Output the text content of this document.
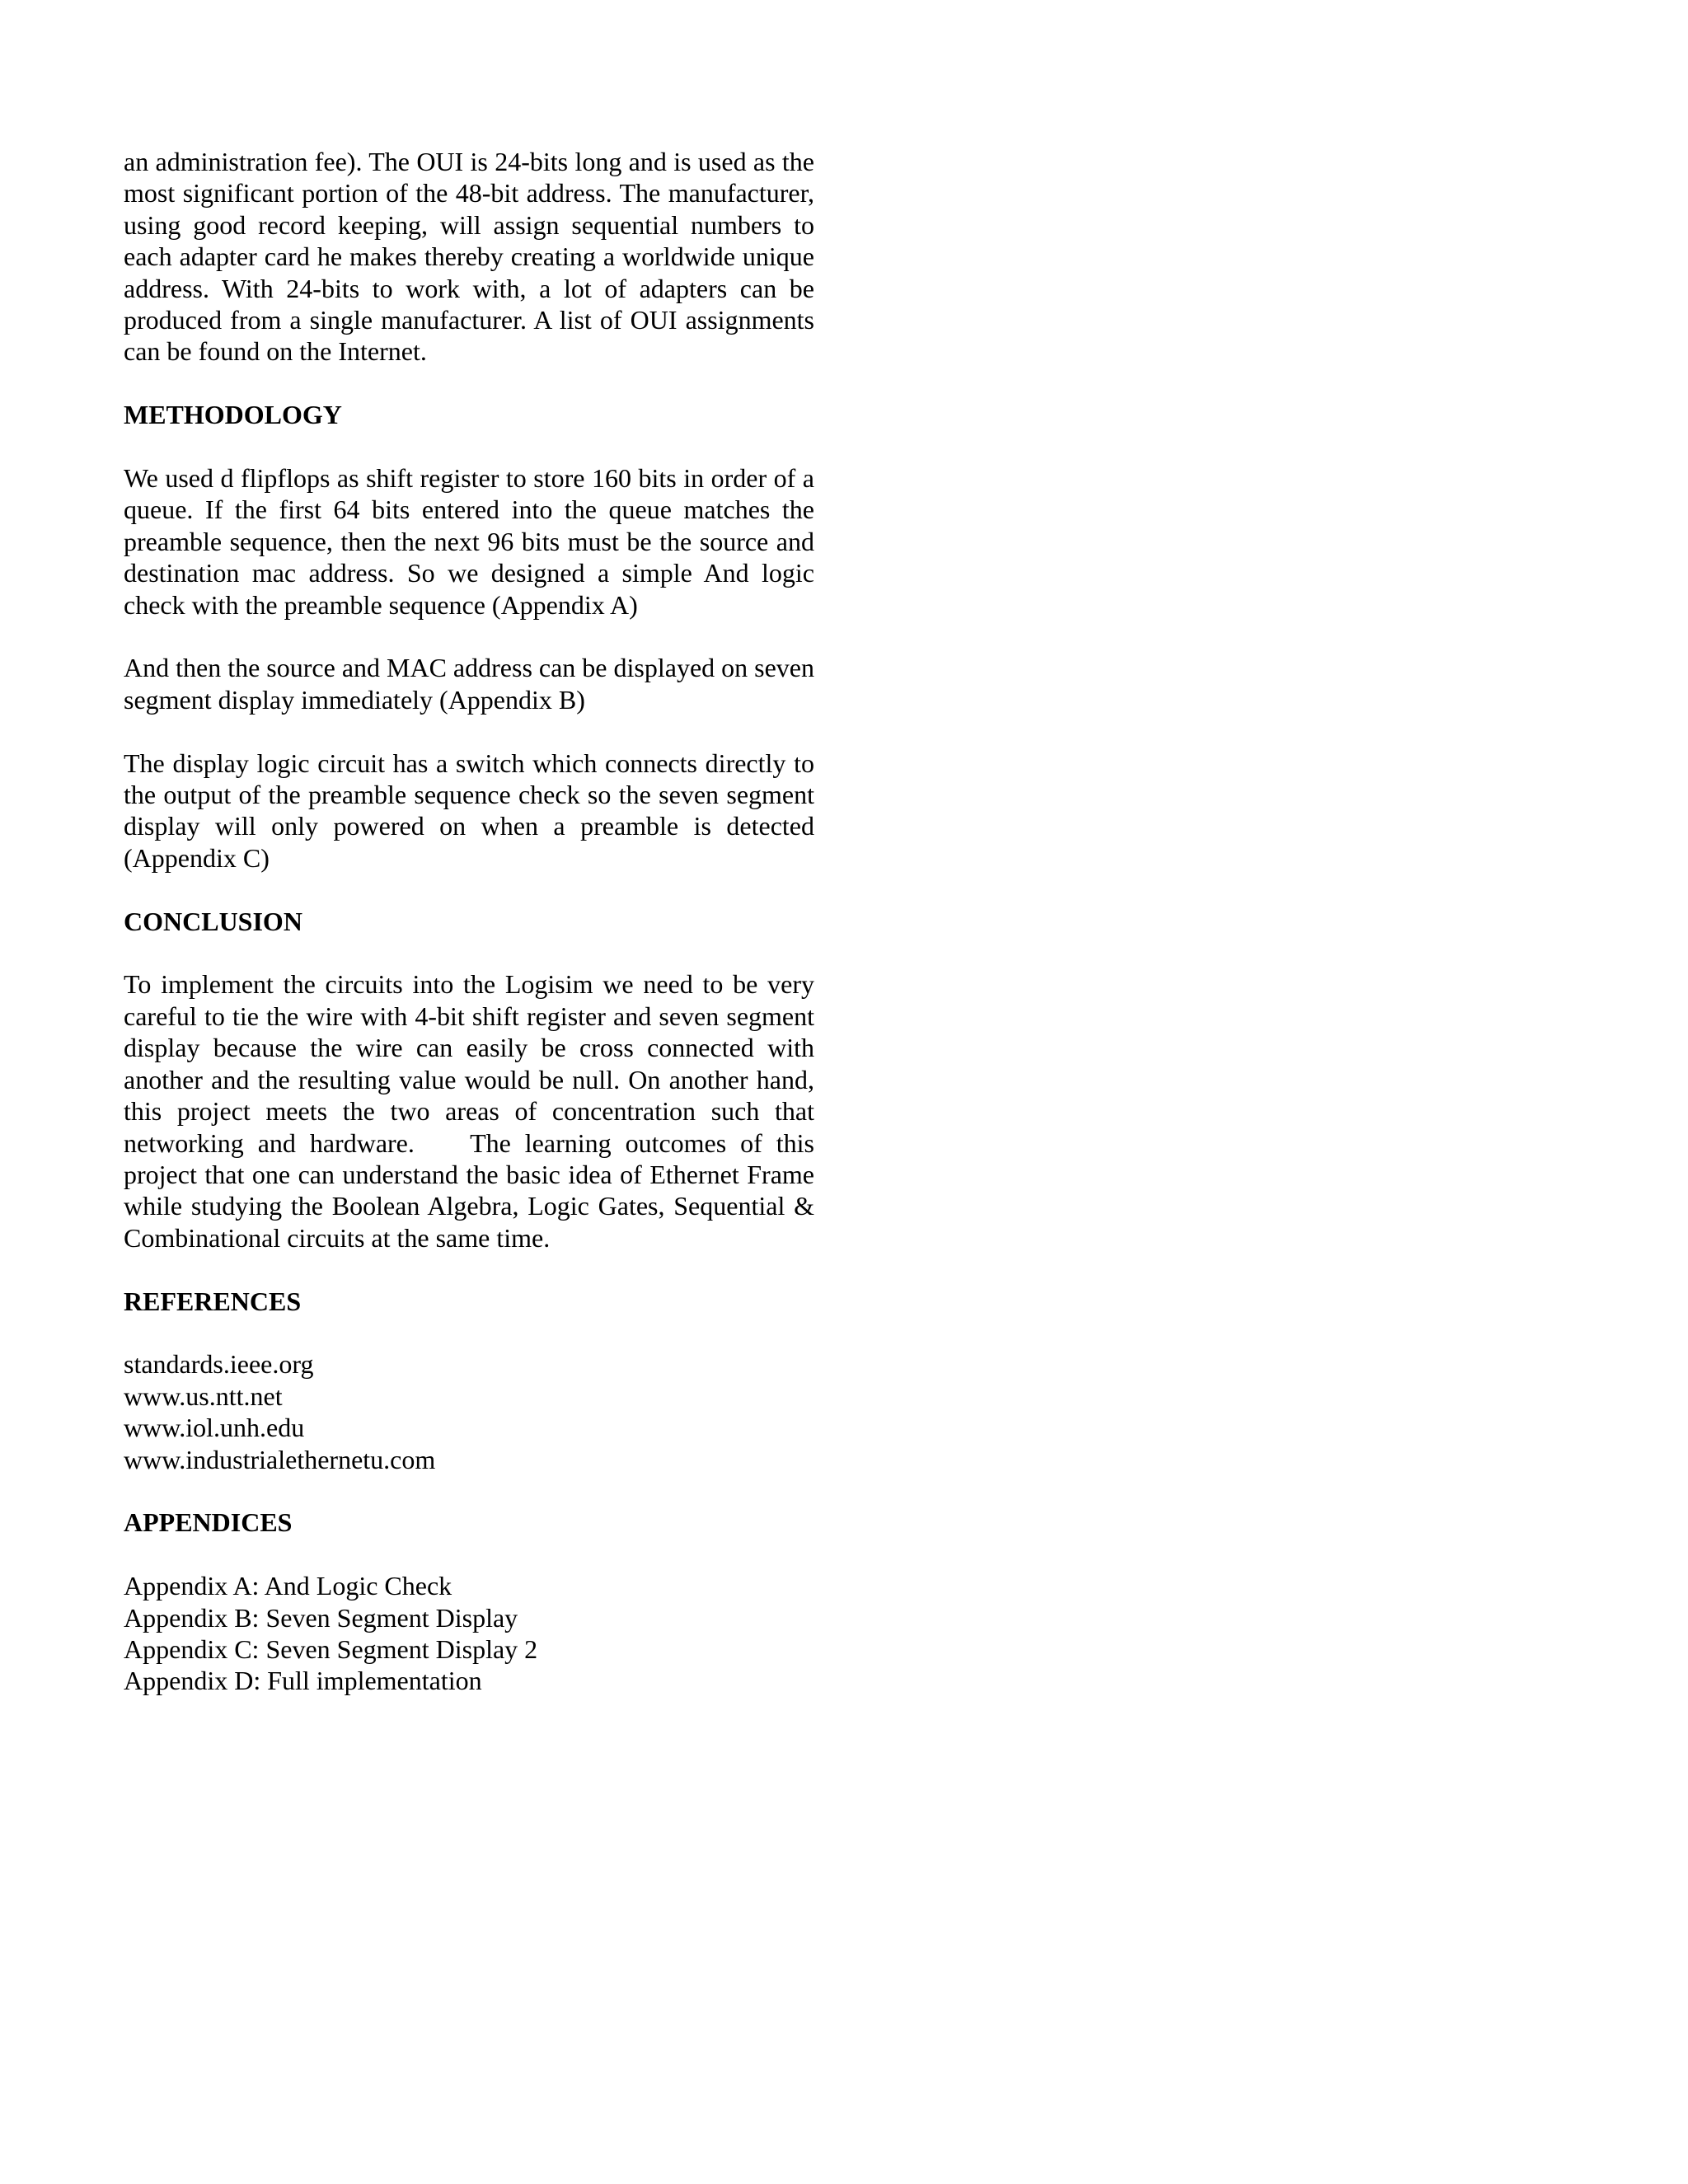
an administration fee). The OUI is 24-bits long and is used as the most significant portion of the 48-bit address. The manufacturer, using good record keeping, will assign sequential numbers to each adapter card he makes thereby creating a worldwide unique address. With 24-bits to work with, a lot of adapters can be produced from a single manufacturer. A list of OUI assignments can be found on the Internet.

METHODOLOGY

We used d flipflops as shift register to store 160 bits in order of a queue. If the first 64 bits entered into the queue matches the preamble sequence, then the next 96 bits must be the source and destination mac address. So we designed a simple And logic check with the preamble sequence (Appendix A)

And then the source and MAC address can be displayed on seven segment display immediately (Appendix B)

The display logic circuit has a switch which connects directly to the output of the preamble sequence check so the seven segment display will only powered on when a preamble is detected (Appendix C)

CONCLUSION

To implement the circuits into the Logisim we need to be very careful to tie the wire with 4-bit shift register and seven segment display because the wire can easily be cross connected with another and the resulting value would be null. On another hand, this project meets the two areas of concentration such that networking and hardware.    The learning outcomes of this project that one can understand the basic idea of Ethernet Frame while studying the Boolean Algebra, Logic Gates, Sequential & Combinational circuits at the same time.

REFERENCES
standards.ieee.org
www.us.ntt.net
www.iol.unh.edu
www.industrialethernetu.com
APPENDICES
Appendix A: And Logic Check
Appendix B: Seven Segment Display
Appendix C: Seven Segment Display 2
Appendix D: Full implementation
